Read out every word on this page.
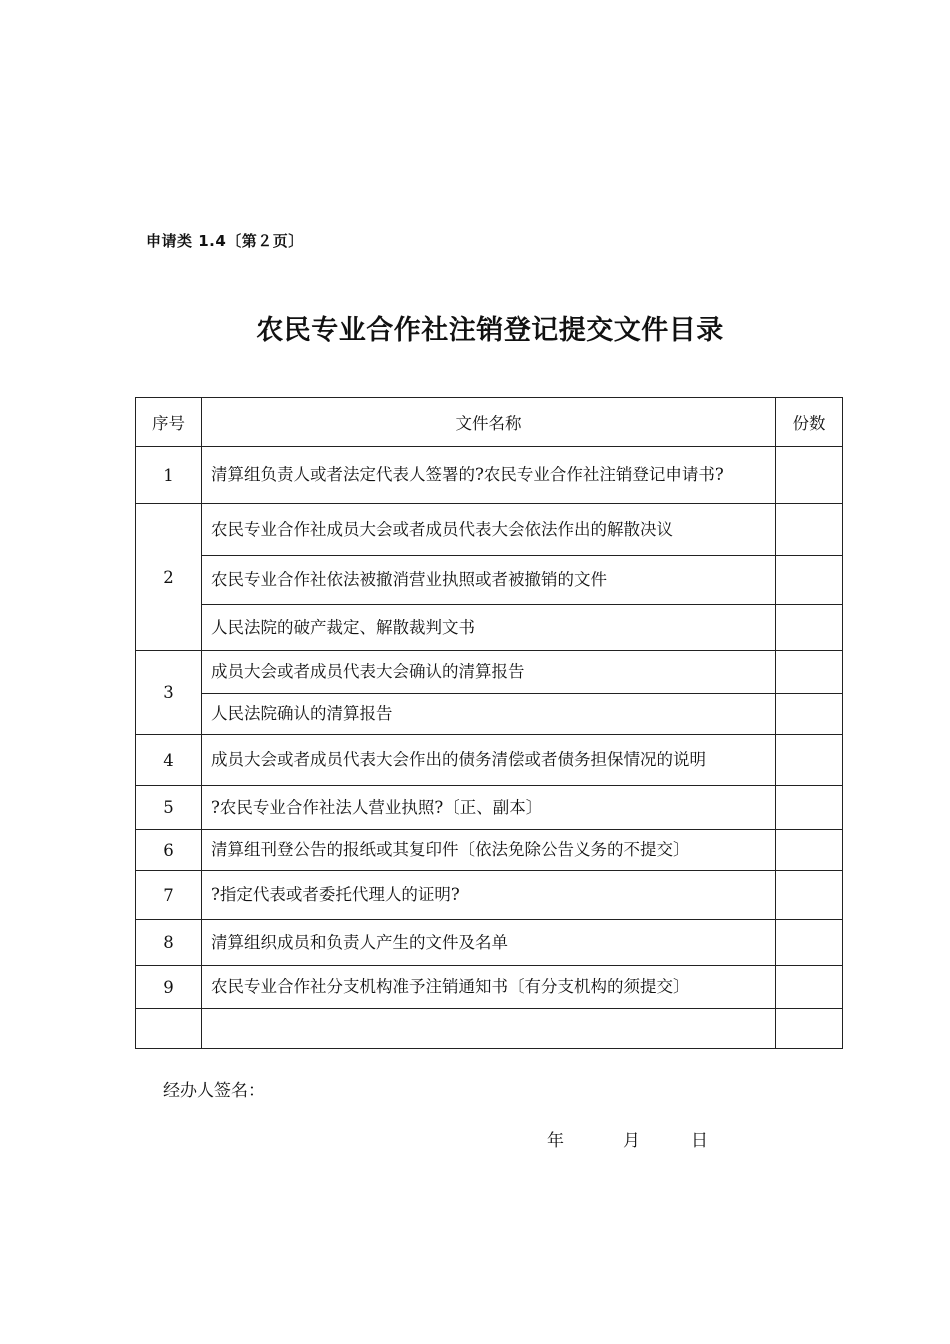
申请类 1.4〔第２页〕
农民专业合作社注销登记提交文件目录
序号	文件名称	份数
1	清算组负责人或者法定代表人签署的?农民专业合作社注销登记申请书?	
2	农民专业合作社成员大会或者成员代表大会依法作出的解散决议	
	农民专业合作社依法被撤消营业执照或者被撤销的文件	
	人民法院的破产裁定、解散裁判文书	
3	成员大会或者成员代表大会确认的清算报告	
	人民法院确认的清算报告	
4	成员大会或者成员代表大会作出的债务清偿或者债务担保情况的说明	
5	?农民专业合作社法人营业执照?〔正、副本〕	
6	清算组刊登公告的报纸或其复印件〔依法免除公告义务的不提交〕	
7	?指定代表或者委托代理人的证明?	
8	清算组织成员和负责人产生的文件及名单	
9	农民专业合作社分支机构准予注销通知书〔有分支机构的须提交〕	

经办人签名：
年	月	日
